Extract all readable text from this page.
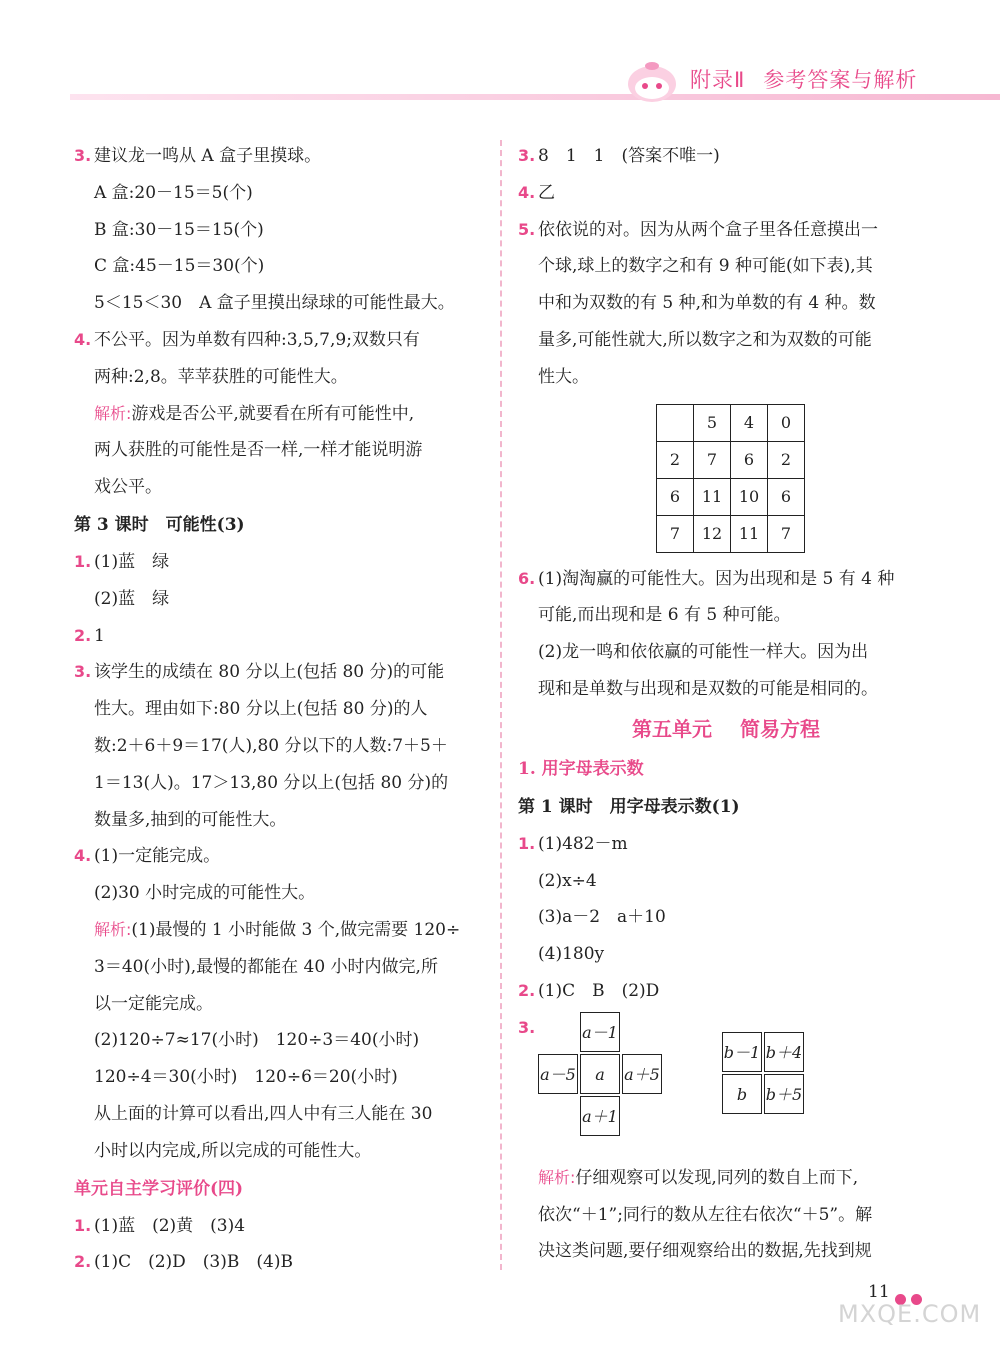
附录Ⅱ 参考答案与解析
3. 建议龙一鸣从 A 盒子里摸球。
A 盒:20－15＝5(个)
B 盒:30－15＝15(个)
C 盒:45－15＝30(个)
5＜15＜30　A 盒子里摸出绿球的可能性最大。
4. 不公平。因为单数有四种:3,5,7,9;双数只有
两种:2,8。苹苹获胜的可能性大。
解析:游戏是否公平,就要看在所有可能性中,
两人获胜的可能性是否一样,一样才能说明游
戏公平。
第 3 课时　可能性(3)
1. (1)蓝　绿
(2)蓝　绿
2. 1
3. 该学生的成绩在 80 分以上(包括 80 分)的可能
性大。理由如下:80 分以上(包括 80 分)的人
数:2＋6＋9＝17(人),80 分以下的人数:7＋5＋
1＝13(人)。17＞13,80 分以上(包括 80 分)的
数量多,抽到的可能性大。
4. (1)一定能完成。
(2)30 小时完成的可能性大。
解析:(1)最慢的 1 小时能做 3 个,做完需要 120÷
3＝40(小时),最慢的都能在 40 小时内做完,所
以一定能完成。
(2)120÷7≈17(小时)　120÷3＝40(小时)
120÷4＝30(小时)　120÷6＝20(小时)
从上面的计算可以看出,四人中有三人能在 30
小时以内完成,所以完成的可能性大。
单元自主学习评价(四)
1. (1)蓝　(2)黄　(3)4
2. (1)C　(2)D　(3)B　(4)B
3. 8　1　1　(答案不唯一)
4. 乙
5. 依依说的对。因为从两个盒子里各任意摸出一
个球,球上的数字之和有 9 种可能(如下表),其
中和为双数的有 5 种,和为单数的有 4 种。数
量多,可能性就大,所以数字之和为双数的可能
性大。
	5	4	0
2	7	6	2
6	11	10	6
7	12	11	7
6. (1)淘淘赢的可能性大。因为出现和是 5 有 4 种
可能,而出现和是 6 有 5 种可能。
(2)龙一鸣和依依赢的可能性一样大。因为出
现和是单数与出现和是双数的可能是相同的。
第五单元 简易方程
1. 用字母表示数
第 1 课时　用字母表示数(1)
1. (1)482－m
(2)x÷4
(3)a－2　a＋10
(4)180y
2. (1)C　B　(2)D
3.	a－1
a－5	a	a＋5
a＋1
b－1 b＋4
b	b＋5
解析:仔细观察可以发现,同列的数自上而下,
依次“＋1”;同行的数从左往右依次“＋5”。解
决这类问题,要仔细观察给出的数据,先找到规
11
MXQE.COM
